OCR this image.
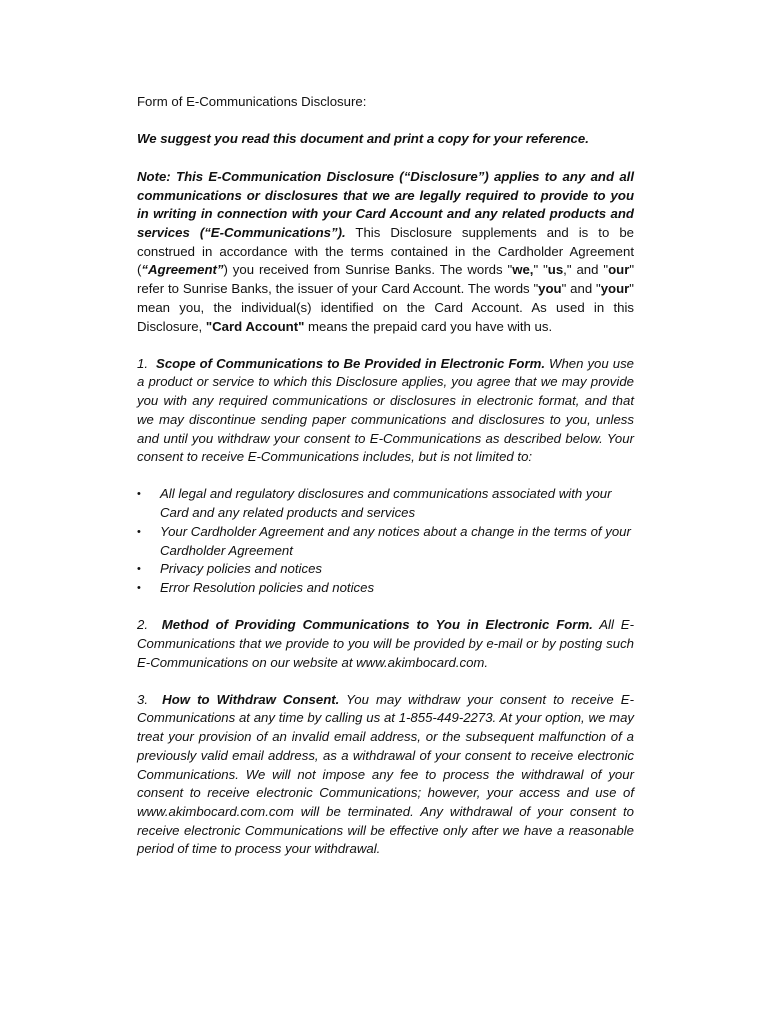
Form of E-Communications Disclosure:

We suggest you read this document and print a copy for your reference.

Note: This E-Communication Disclosure (“Disclosure”) applies to any and all communications or disclosures that we are legally required to provide to you in writing in connection with your Card Account and any related products and services (“E-Communications”). This Disclosure supplements and is to be construed in accordance with the terms contained in the Cardholder Agreement (“Agreement”) you received from Sunrise Banks. The words "we," "us," and "our" refer to Sunrise Banks, the issuer of your Card Account. The words "you" and "your" mean you, the individual(s) identified on the Card Account. As used in this Disclosure, "Card Account" means the prepaid card you have with us.

1. Scope of Communications to Be Provided in Electronic Form. When you use a product or service to which this Disclosure applies, you agree that we may provide you with any required communications or disclosures in electronic format, and that we may discontinue sending paper communications and disclosures to you, unless and until you withdraw your consent to E-Communications as described below. Your consent to receive E-Communications includes, but is not limited to:

• All legal and regulatory disclosures and communications associated with your Card and any related products and services
• Your Cardholder Agreement and any notices about a change in the terms of your Cardholder Agreement
• Privacy policies and notices
• Error Resolution policies and notices

2. Method of Providing Communications to You in Electronic Form. All E-Communications that we provide to you will be provided by e-mail or by posting such E-Communications on our website at www.akimbocard.com.

3. How to Withdraw Consent. You may withdraw your consent to receive E-Communications at any time by calling us at 1-855-449-2273. At your option, we may treat your provision of an invalid email address, or the subsequent malfunction of a previously valid email address, as a withdrawal of your consent to receive electronic Communications. We will not impose any fee to process the withdrawal of your consent to receive electronic Communications; however, your access and use of www.akimbocard.com.com will be terminated. Any withdrawal of your consent to receive electronic Communications will be effective only after we have a reasonable period of time to process your withdrawal.
